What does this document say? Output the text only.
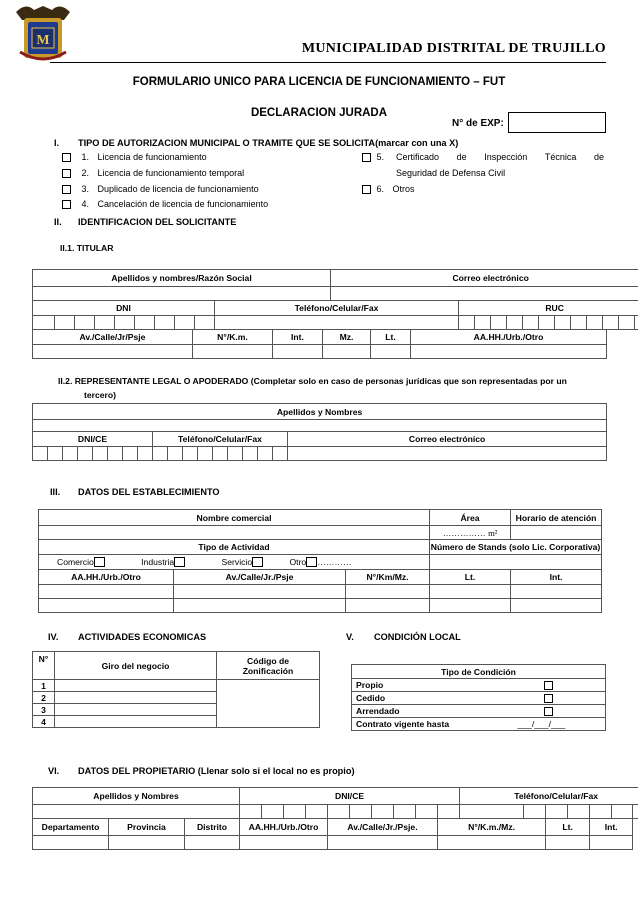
M
MUNICIPALIDAD DISTRITAL DE TRUJILLO
FORMULARIO UNICO PARA LICENCIA DE FUNCIONAMIENTO – FUT
DECLARACION JURADA
N° de EXP:
I. TIPO DE AUTORIZACION MUNICIPAL O TRAMITE QUE SE SOLICITA(marcar con una X)
1. Licencia de funcionamiento
2. Licencia de funcionamiento temporal
3. Duplicado de licencia de funcionamiento
4. Cancelación de licencia de funcionamiento
5. Certificado de Inspección Técnica de
Seguridad de Defensa Civil
6. Otros
II. IDENTIFICACION DEL SOLICITANTE
II.1. TITULAR
Apellidos y nombres/Razón Social										Correo electrónico												

DNI									Teléfono/Celular/Fax		RUC											

Av./Calle/Jr/Psje	N°/K.m.	Int.	Mz.	Lt.	AA.HH./Urb./Otro

II.2. REPRESENTANTE LEGAL O APODERADO (Completar solo en caso de personas jurídicas que son representadas por un
tercero)
Apellidos y Nombres																	

DNI/CE								Teléfono/Celular/Fax									Correo electrónico

III. DATOS DEL ESTABLECIMIENTO
Nombre comercial			Área	Horario de atención
			…………… m²	
Tipo de Actividad			Número de Stands (solo Lic. Corporativa)	
Comercio Industria Servicio Otro …………				
AA.HH./Urb./Otro	Av./Calle/Jr./Psje	N°/Km/Mz.	Lt.	Int.

IV. ACTIVIDADES ECONOMICAS
N°	Giro del negocio	Código de
Zonificación

1		
2		
3		
4		
V. CONDICIÓN LOCAL
Tipo de Condición
Propio

Cedido

Arrendado

Contrato vigente hasta	___/___/___
VI. DATOS DEL PROPIETARIO (Llenar solo si el local no es propio)
Apellidos y Nombres			DNI/CE										Teléfono/Celular/Fax						

Departamento	Provincia	Distrito	AA.HH./Urb./Otro				Av./Calle/Jr./Psje.					N°/K.m./Mz.			Lt.		Int.		
